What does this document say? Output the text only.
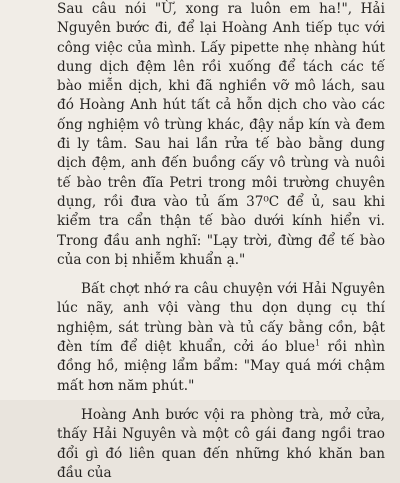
Sau câu nói "Ừ, xong ra luôn em ha!", Hải Nguyên bước đi, để lại Hoàng Anh tiếp tục với công việc của mình. Lấy pipette nhẹ nhàng hút dung dịch đệm lên rồi xuống để tách các tế bào miễn dịch, khi đã nghiền vỡ mô lách, sau đó Hoàng Anh hút tất cả hỗn dịch cho vào các ống nghiệm vô trùng khác, đậy nắp kín và đem đi ly tâm. Sau hai lần rửa tế bào bằng dung dịch đệm, anh đến buồng cấy vô trùng và nuôi tế bào trên đĩa Petri trong môi trường chuyên dụng, rồi đưa vào tủ ấm 37⁰C để ủ, sau khi kiểm tra cẩn thận tế bào dưới kính hiển vi. Trong đầu anh nghĩ: "Lạy trời, đừng để tế bào của con bị nhiễm khuẩn ạ."

Bất chợt nhớ ra câu chuyện với Hải Nguyên lúc nãy, anh vội vàng thu dọn dụng cụ thí nghiệm, sát trùng bàn và tủ cấy bằng cồn, bật đèn tím để diệt khuẩn, cởi áo blue$^1$ rồi nhìn đồng hồ, miệng lẩm bẩm: "May quá mới chậm mất hơn năm phút."

Hoàng Anh bước vội ra phòng trà, mở cửa, thấy Hải Nguyên và một cô gái đang ngồi trao đổi gì đó liên quan đến những khó khăn ban đầu của
